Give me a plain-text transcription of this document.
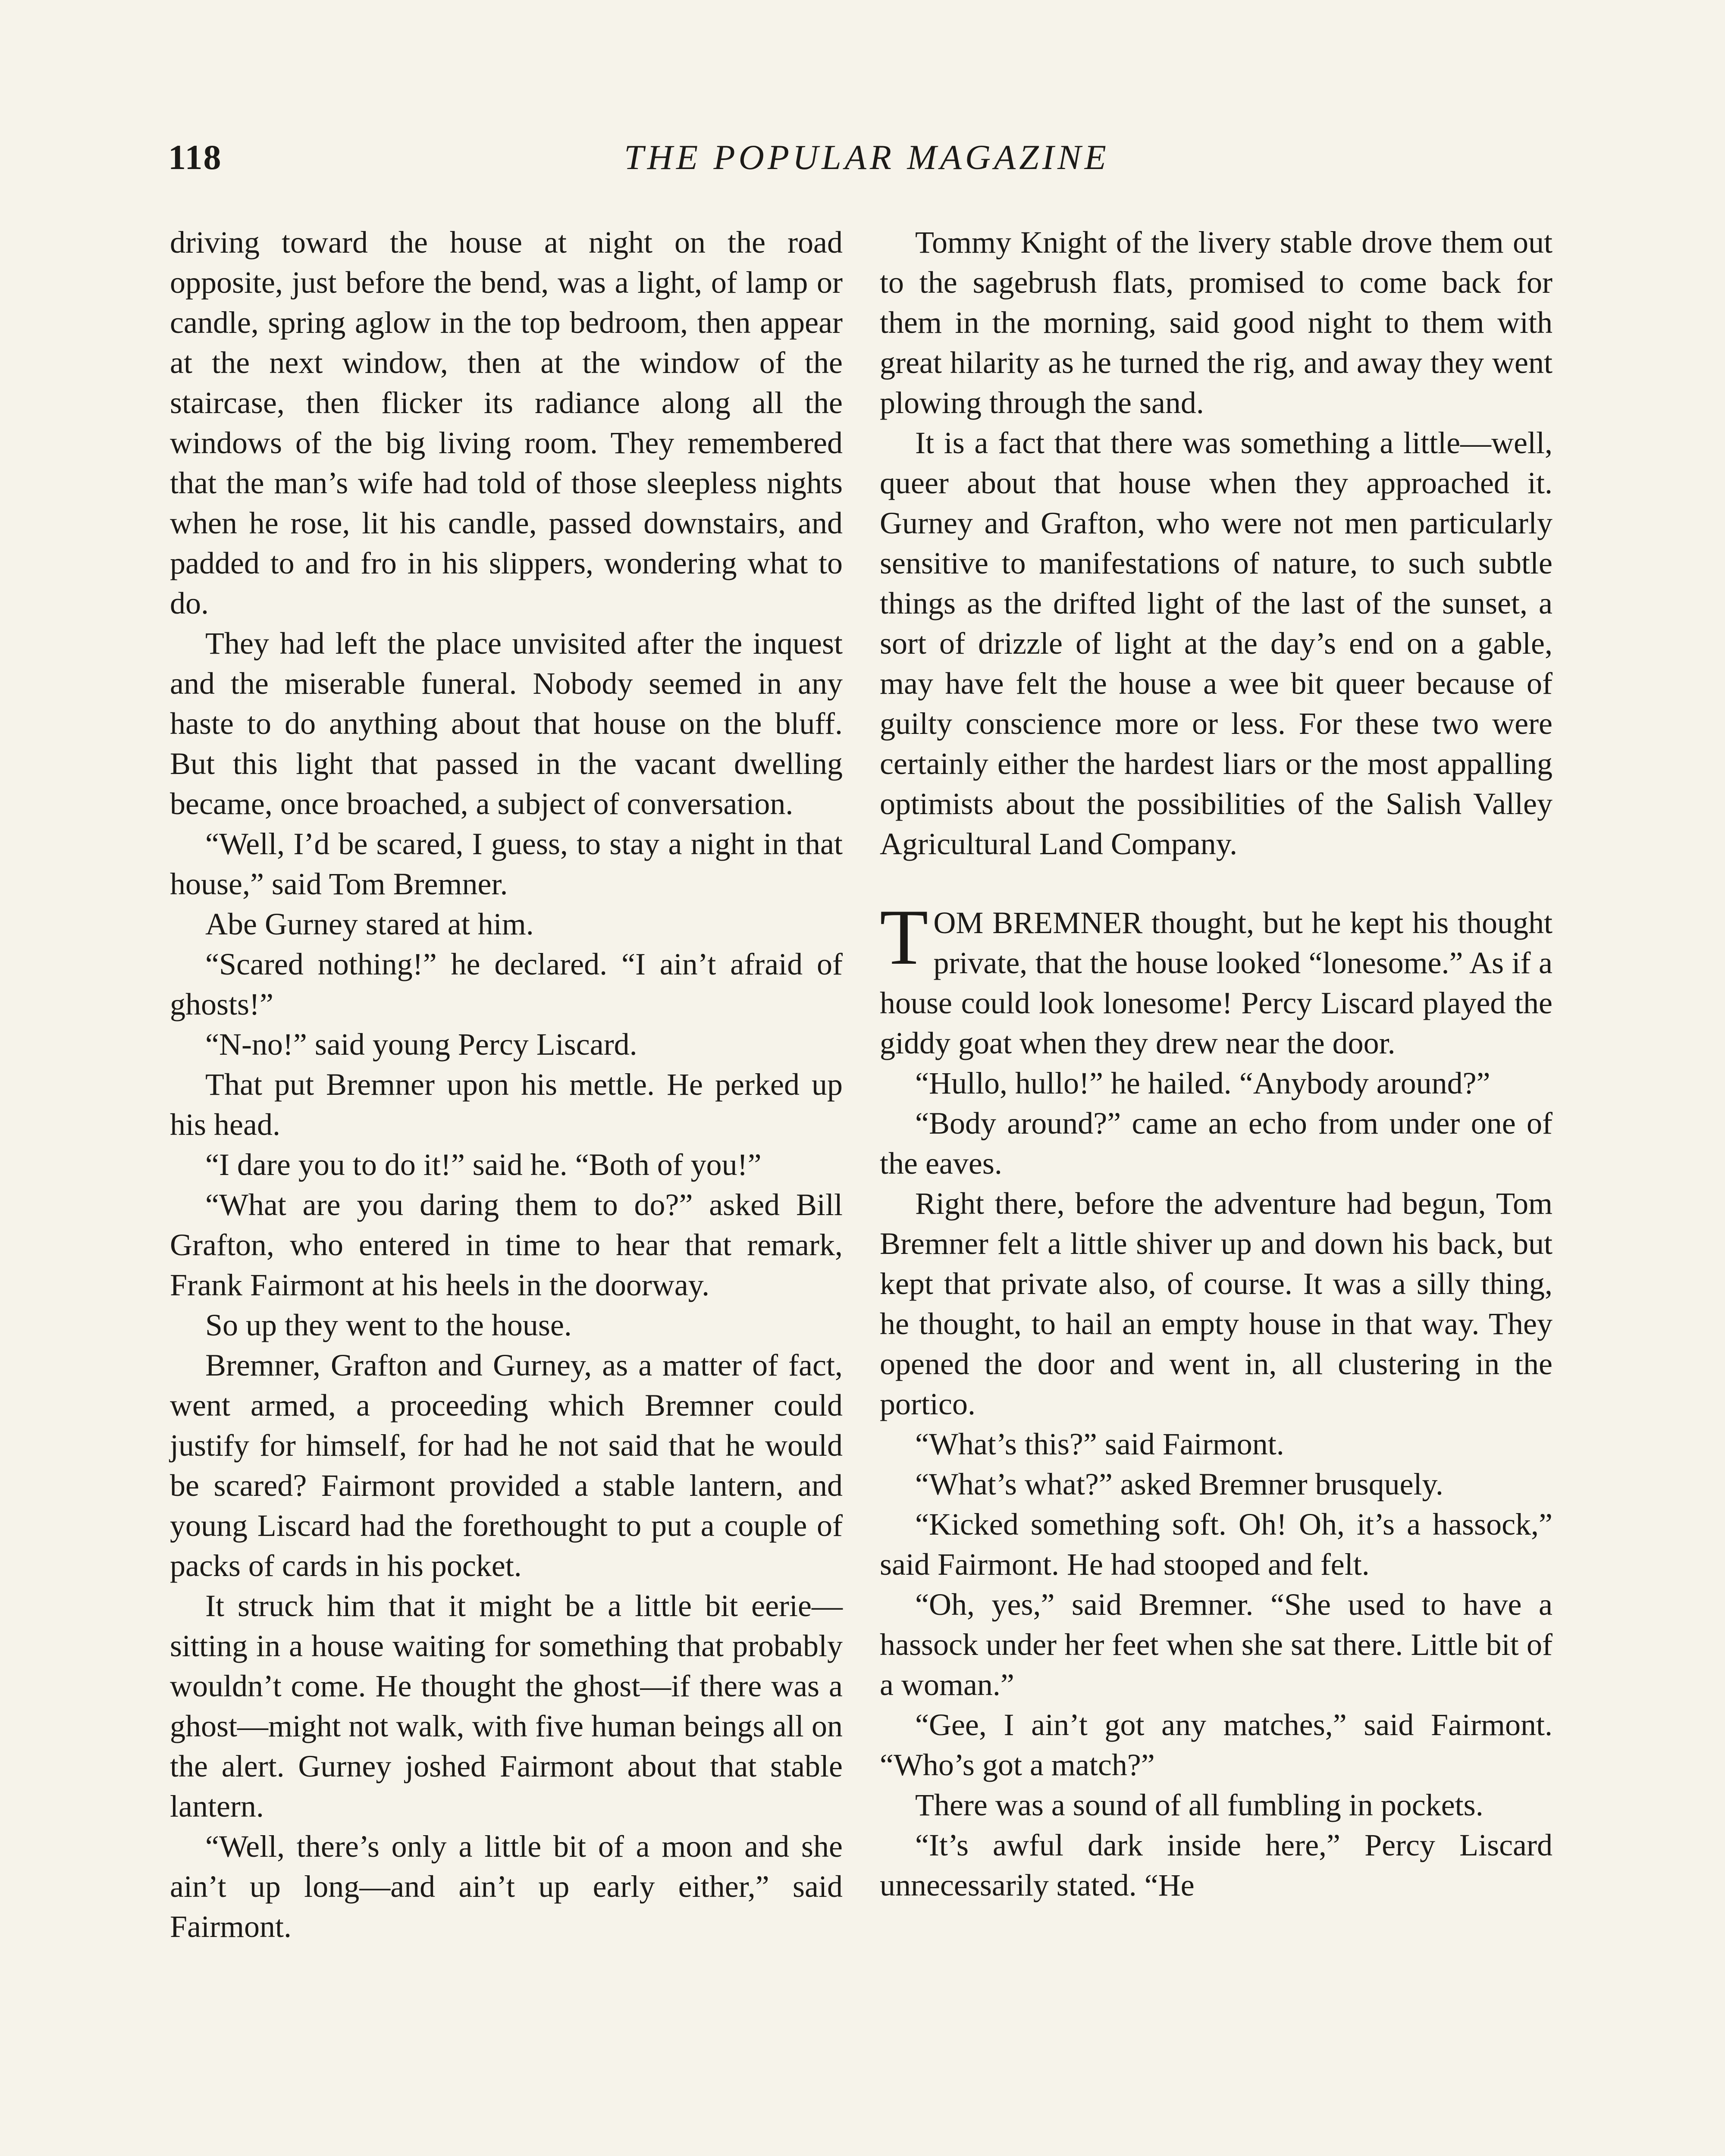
118	THE POPULAR MAGAZINE

driving toward the house at night on the road opposite, just before the bend, was a light, of lamp or candle, spring aglow in the top bedroom, then appear at the next window, then at the window of the staircase, then flicker its radiance along all the windows of the big living room. They remembered that the man’s wife had told of those sleepless nights when he rose, lit his candle, passed downstairs, and padded to and fro in his slippers, wondering what to do.

They had left the place unvisited after the inquest and the miserable funeral. Nobody seemed in any haste to do anything about that house on the bluff. But this light that passed in the vacant dwelling became, once broached, a subject of conversation.

“Well, I’d be scared, I guess, to stay a night in that house,” said Tom Bremner.

Abe Gurney stared at him.

“Scared nothing!” he declared. “I ain’t afraid of ghosts!”

“N-no!” said young Percy Liscard.

That put Bremner upon his mettle. He perked up his head.

“I dare you to do it!” said he. “Both of you!”

“What are you daring them to do?” asked Bill Grafton, who entered in time to hear that remark, Frank Fairmont at his heels in the doorway.

So up they went to the house.

Bremner, Grafton and Gurney, as a matter of fact, went armed, a proceeding which Bremner could justify for himself, for had he not said that he would be scared? Fairmont provided a stable lantern, and young Liscard had the forethought to put a couple of packs of cards in his pocket.

It struck him that it might be a little bit eerie—sitting in a house waiting for something that probably wouldn’t come. He thought the ghost—if there was a ghost—might not walk, with five human beings all on the alert. Gurney joshed Fairmont about that stable lantern.

“Well, there’s only a little bit of a moon and she ain’t up long—and ain’t up early either,” said Fairmont.

Tommy Knight of the livery stable drove them out to the sagebrush flats, promised to come back for them in the morning, said good night to them with great hilarity as he turned the rig, and away they went plowing through the sand.

It is a fact that there was something a little—well, queer about that house when they approached it. Gurney and Grafton, who were not men particularly sensitive to manifestations of nature, to such subtle things as the drifted light of the last of the sunset, a sort of drizzle of light at the day’s end on a gable, may have felt the house a wee bit queer because of guilty conscience more or less. For these two were certainly either the hardest liars or the most appalling optimists about the possibilities of the Salish Valley Agricultural Land Company.

TOM BREMNER thought, but he kept his thought private, that the house looked “lonesome.” As if a house could look lonesome! Percy Liscard played the giddy goat when they drew near the door.

“Hullo, hullo!” he hailed. “Anybody around?”

“Body around?” came an echo from under one of the eaves.

Right there, before the adventure had begun, Tom Bremner felt a little shiver up and down his back, but kept that private also, of course. It was a silly thing, he thought, to hail an empty house in that way. They opened the door and went in, all clustering in the portico.

“What’s this?” said Fairmont.

“What’s what?” asked Bremner brusquely.

“Kicked something soft. Oh! Oh, it’s a hassock,” said Fairmont. He had stooped and felt.

“Oh, yes,” said Bremner. “She used to have a hassock under her feet when she sat there. Little bit of a woman.”

“Gee, I ain’t got any matches,” said Fairmont. “Who’s got a match?”

There was a sound of all fumbling in pockets.

“It’s awful dark inside here,” Percy Liscard unnecessarily stated. “He
